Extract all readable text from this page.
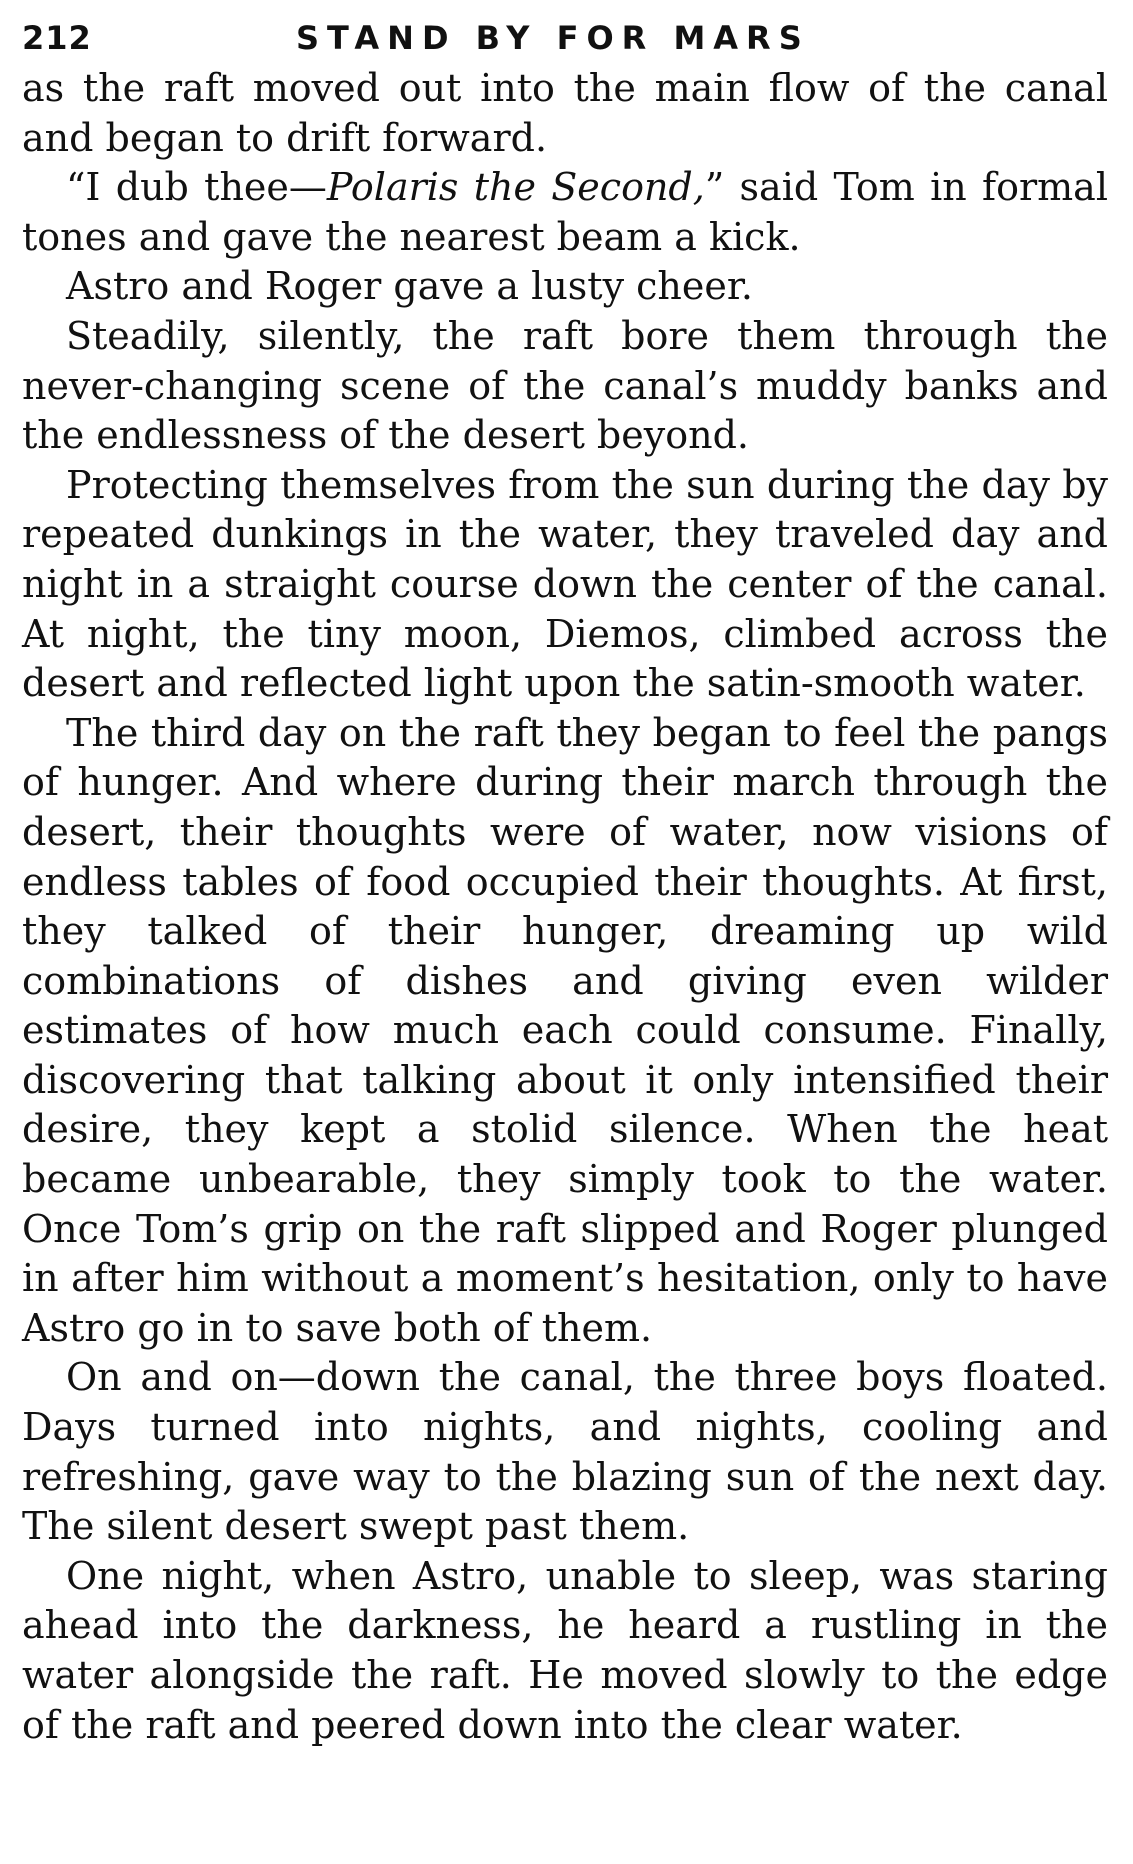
212	STAND BY FOR MARS

as the raft moved out into the main flow of the canal and began to drift forward.

“I dub thee—Polaris the Second,” said Tom in formal tones and gave the nearest beam a kick.

Astro and Roger gave a lusty cheer.

Steadily, silently, the raft bore them through the never-changing scene of the canal’s muddy banks and the endlessness of the desert beyond.

Protecting themselves from the sun during the day by repeated dunkings in the water, they traveled day and night in a straight course down the center of the canal. At night, the tiny moon, Diemos, climbed across the desert and reflected light upon the satin-smooth water.

The third day on the raft they began to feel the pangs of hunger. And where during their march through the desert, their thoughts were of water, now visions of endless tables of food occupied their thoughts. At first, they talked of their hunger, dreaming up wild combinations of dishes and giving even wilder estimates of how much each could consume. Finally, discovering that talking about it only intensified their desire, they kept a stolid silence. When the heat became unbearable, they simply took to the water. Once Tom’s grip on the raft slipped and Roger plunged in after him without a moment’s hesitation, only to have Astro go in to save both of them.

On and on—down the canal, the three boys floated. Days turned into nights, and nights, cooling and refreshing, gave way to the blazing sun of the next day. The silent desert swept past them.

One night, when Astro, unable to sleep, was staring ahead into the darkness, he heard a rustling in the water alongside the raft. He moved slowly to the edge of the raft and peered down into the clear water.
